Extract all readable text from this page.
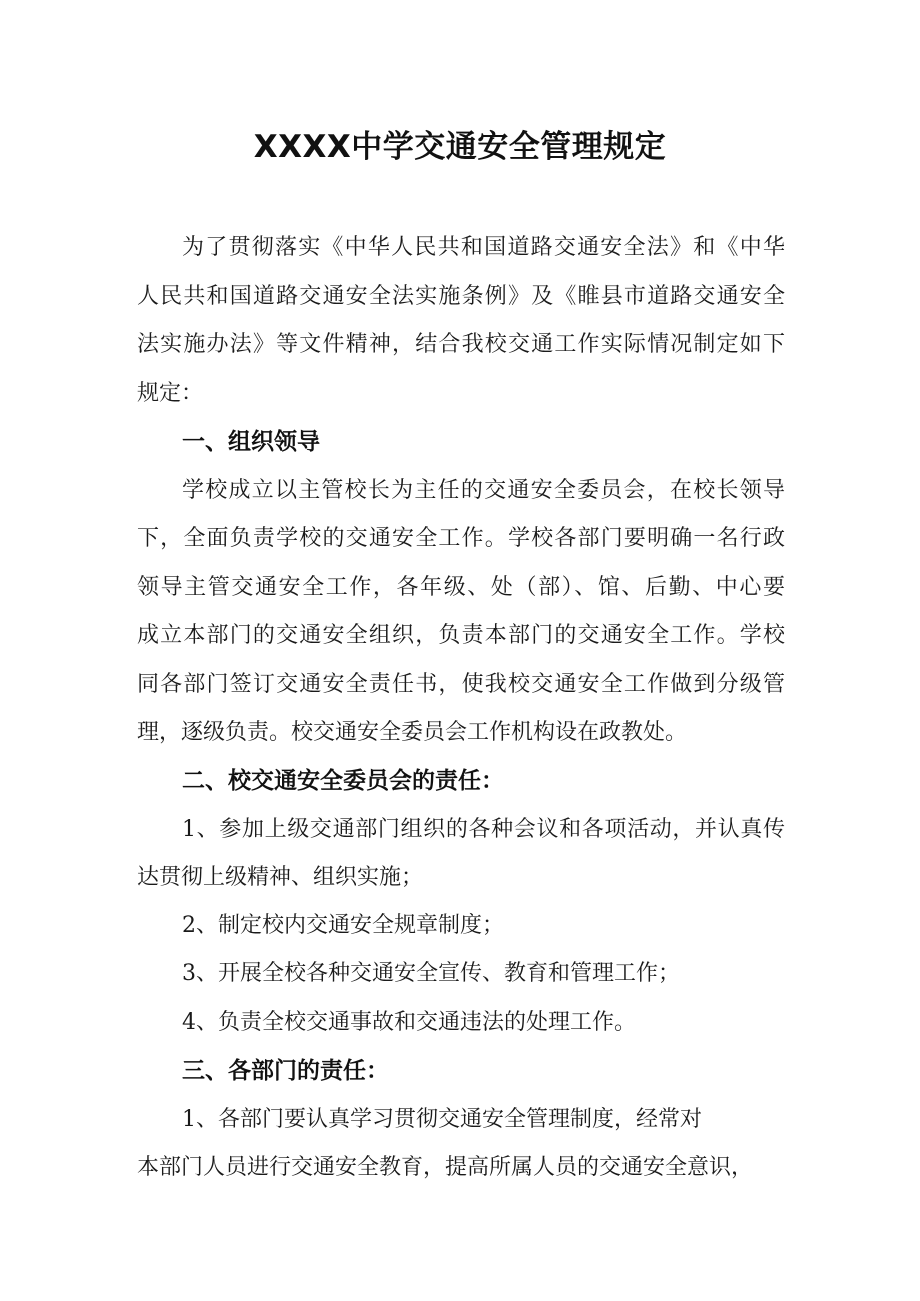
XXXX中学交通安全管理规定
为了贯彻落实《中华人民共和国道路交通安全法》和《中华
人民共和国道路交通安全法实施条例》及《睢县市道路交通安全
法实施办法》等文件精神，结合我校交通工作实际情况制定如下
规定：
一、组织领导
学校成立以主管校长为主任的交通安全委员会，在校长领导
下，全面负责学校的交通安全工作。学校各部门要明确一名行政
领导主管交通安全工作，各年级、处（部）、馆、后勤、中心要
成立本部门的交通安全组织，负责本部门的交通安全工作。学校
同各部门签订交通安全责任书，使我校交通安全工作做到分级管
理，逐级负责。校交通安全委员会工作机构设在政教处。
二、校交通安全委员会的责任：
1、参加上级交通部门组织的各种会议和各项活动，并认真传
达贯彻上级精神、组织实施；
2、制定校内交通安全规章制度；
3、开展全校各种交通安全宣传、教育和管理工作；
4、负责全校交通事故和交通违法的处理工作。
三、各部门的责任：
1、各部门要认真学习贯彻交通安全管理制度，经常对
本部门人员进行交通安全教育，提高所属人员的交通安全意识，
